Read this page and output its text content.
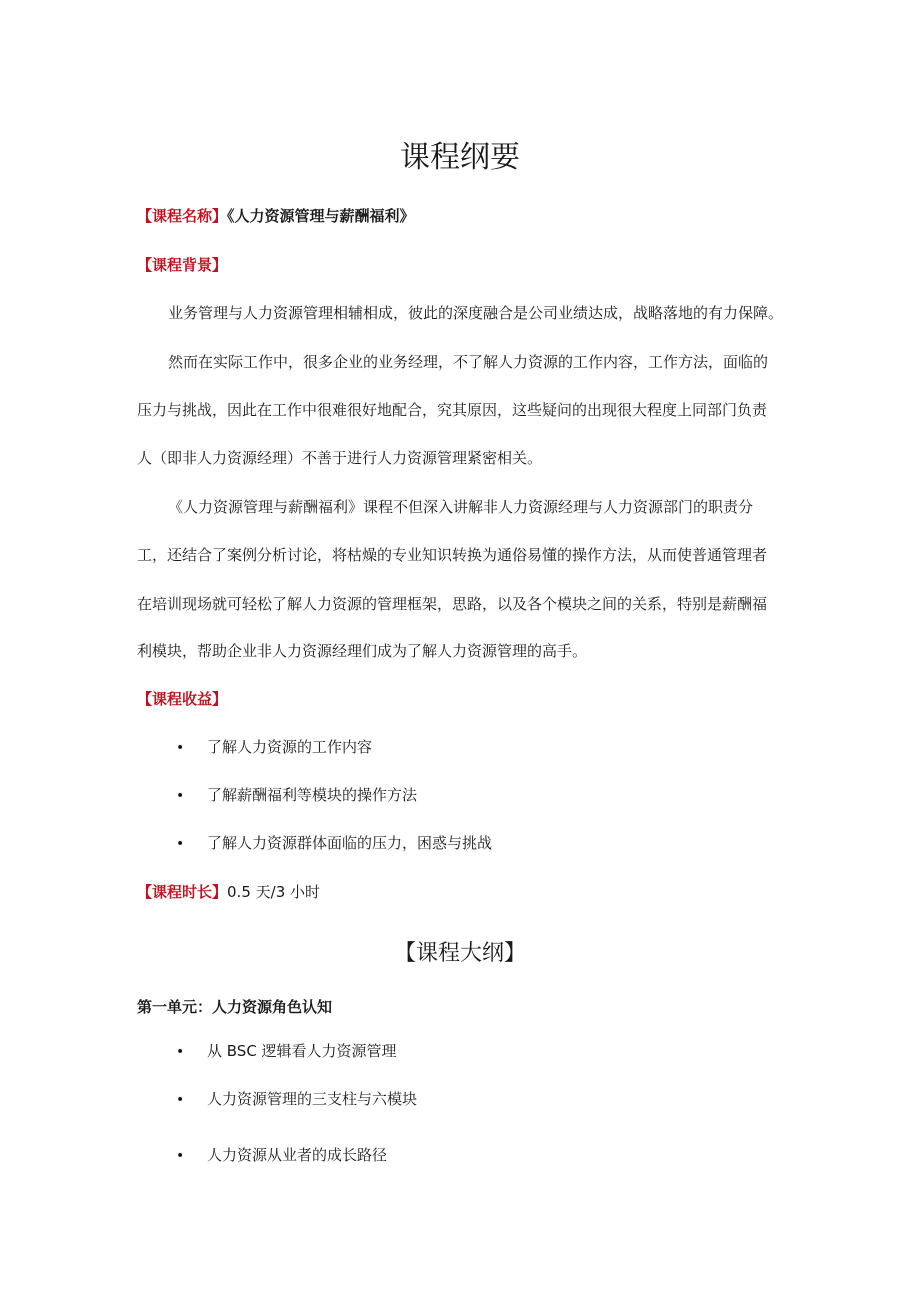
课程纲要
【课程名称】《人力资源管理与薪酬福利》
【课程背景】
业务管理与人力资源管理相辅相成，彼此的深度融合是公司业绩达成，战略落地的有力保障。
然而在实际工作中，很多企业的业务经理，不了解人力资源的工作内容，工作方法，面临的
压力与挑战，因此在工作中很难很好地配合，究其原因，这些疑问的出现很大程度上同部门负责
人（即非人力资源经理）不善于进行人力资源管理紧密相关。
《人力资源管理与薪酬福利》课程不但深入讲解非人力资源经理与人力资源部门的职责分
工，还结合了案例分析讨论，将枯燥的专业知识转换为通俗易懂的操作方法，从而使普通管理者
在培训现场就可轻松了解人力资源的管理框架，思路，以及各个模块之间的关系，特别是薪酬福
利模块，帮助企业非人力资源经理们成为了解人力资源管理的高手。
【课程收益】
• 了解人力资源的工作内容
• 了解薪酬福利等模块的操作方法
• 了解人力资源群体面临的压力，困惑与挑战
【课程时长】0.5 天/3 小时
【课程大纲】
第一单元：人力资源角色认知
• 从 BSC 逻辑看人力资源管理
• 人力资源管理的三支柱与六模块
• 人力资源从业者的成长路径
